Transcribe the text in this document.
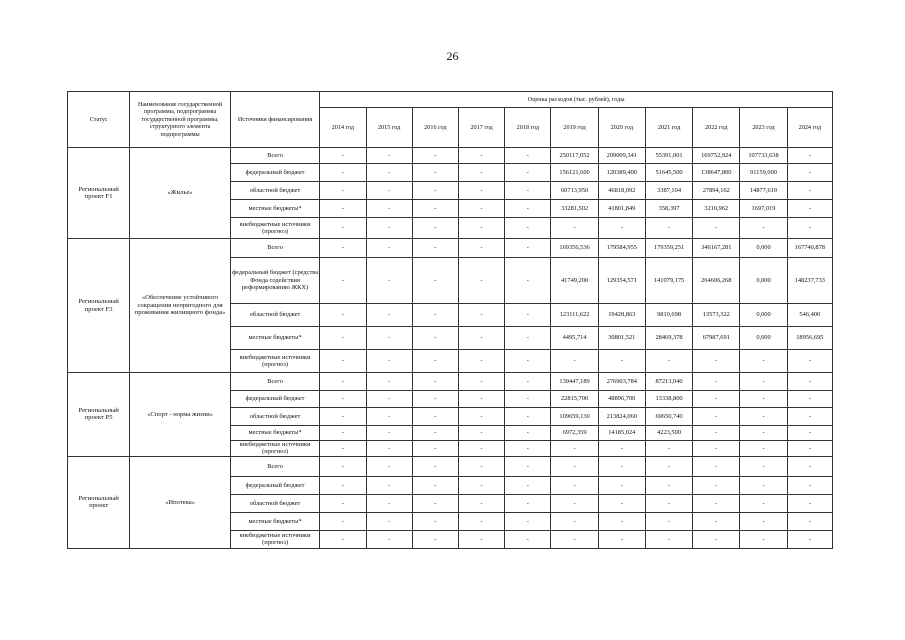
26
Статус	Наименование государственной программы, подпрограммы государственной программы, структурного элемента подпрограммы	Источники финансирования	Оценка расходов (тыс. рублей), годы										
			2014 год	2015 год	2016 год	2017 год	2018 год	2019 год	2020 год	2021 год	2022 год	2023 год	2024 год
Региональный проект F1	«Жилье»	Всего	-	-	-	-	-	250117,052	209009,341	55391,001	169752,924	107733,638	-
		федеральный бюджет	-	-	-	-	-	156121,600	120389,400	51645,500	138647,800	91159,000	-
		областной бюджет	-	-	-	-	-	60713,950	46818,092	3387,104	27894,162	14877,619	-
		местные бюджеты*	-	-	-	-	-	33281,502	41801,849	358,397	3210,962	1697,019	-
		внебюджетные источники (прогноз)	-	-	-	-	-	-	-	-	-	-	-
Региональный проект F3	«Обеспечение устойчивого сокращения непригодного для проживания жилищного фонда»	Всего	-	-	-	-	-	169356,536	179584,955	179359,251	346167,281	0,000	167740,878
		федеральный бюджет (средства Фонда содействия реформированию ЖКХ)	-	-	-	-	-	41749,200	129354,571	141079,175	264606,268	0,000	148237,733
		областной бюджет	-	-	-	-	-	123111,622	19428,863	9810,698	13573,322	0,000	546,400
		местные бюджеты*	-	-	-	-	-	4495,714	30801,521	28469,378	67987,691	0,000	18956,695
		внебюджетные источники (прогноз)	-	-	-	-	-	-	-	-	-	-	-
Региональный проект P5	«Спорт - норма жизни»	Всего	-	-	-	-	-	139447,189	276903,784	87213,040	-	-	-
		федеральный бюджет	-	-	-	-	-	22815,700	48896,700	13338,800	-	-	-
		областной бюджет	-	-	-	-	-	109659,130	213824,060	69650,740	-	-	-
		местные бюджеты*	-	-	-	-	-	6972,359	14185,024	4223,500	-	-	-
		внебюджетные источники (прогноз)	-	-	-	-	-	-	-	-	-	-	-
Региональный проект	«Ипотека»	Всего	-	-	-	-	-	-	-	-	-	-	-
		федеральный бюджет	-	-	-	-	-	-	-	-	-	-	-
		областной бюджет	-	-	-	-	-	-	-	-	-	-	-
		местные бюджеты*	-	-	-	-	-	-	-	-	-	-	-
		внебюджетные источники (прогноз)	-	-	-	-	-	-	-	-	-	-	-
